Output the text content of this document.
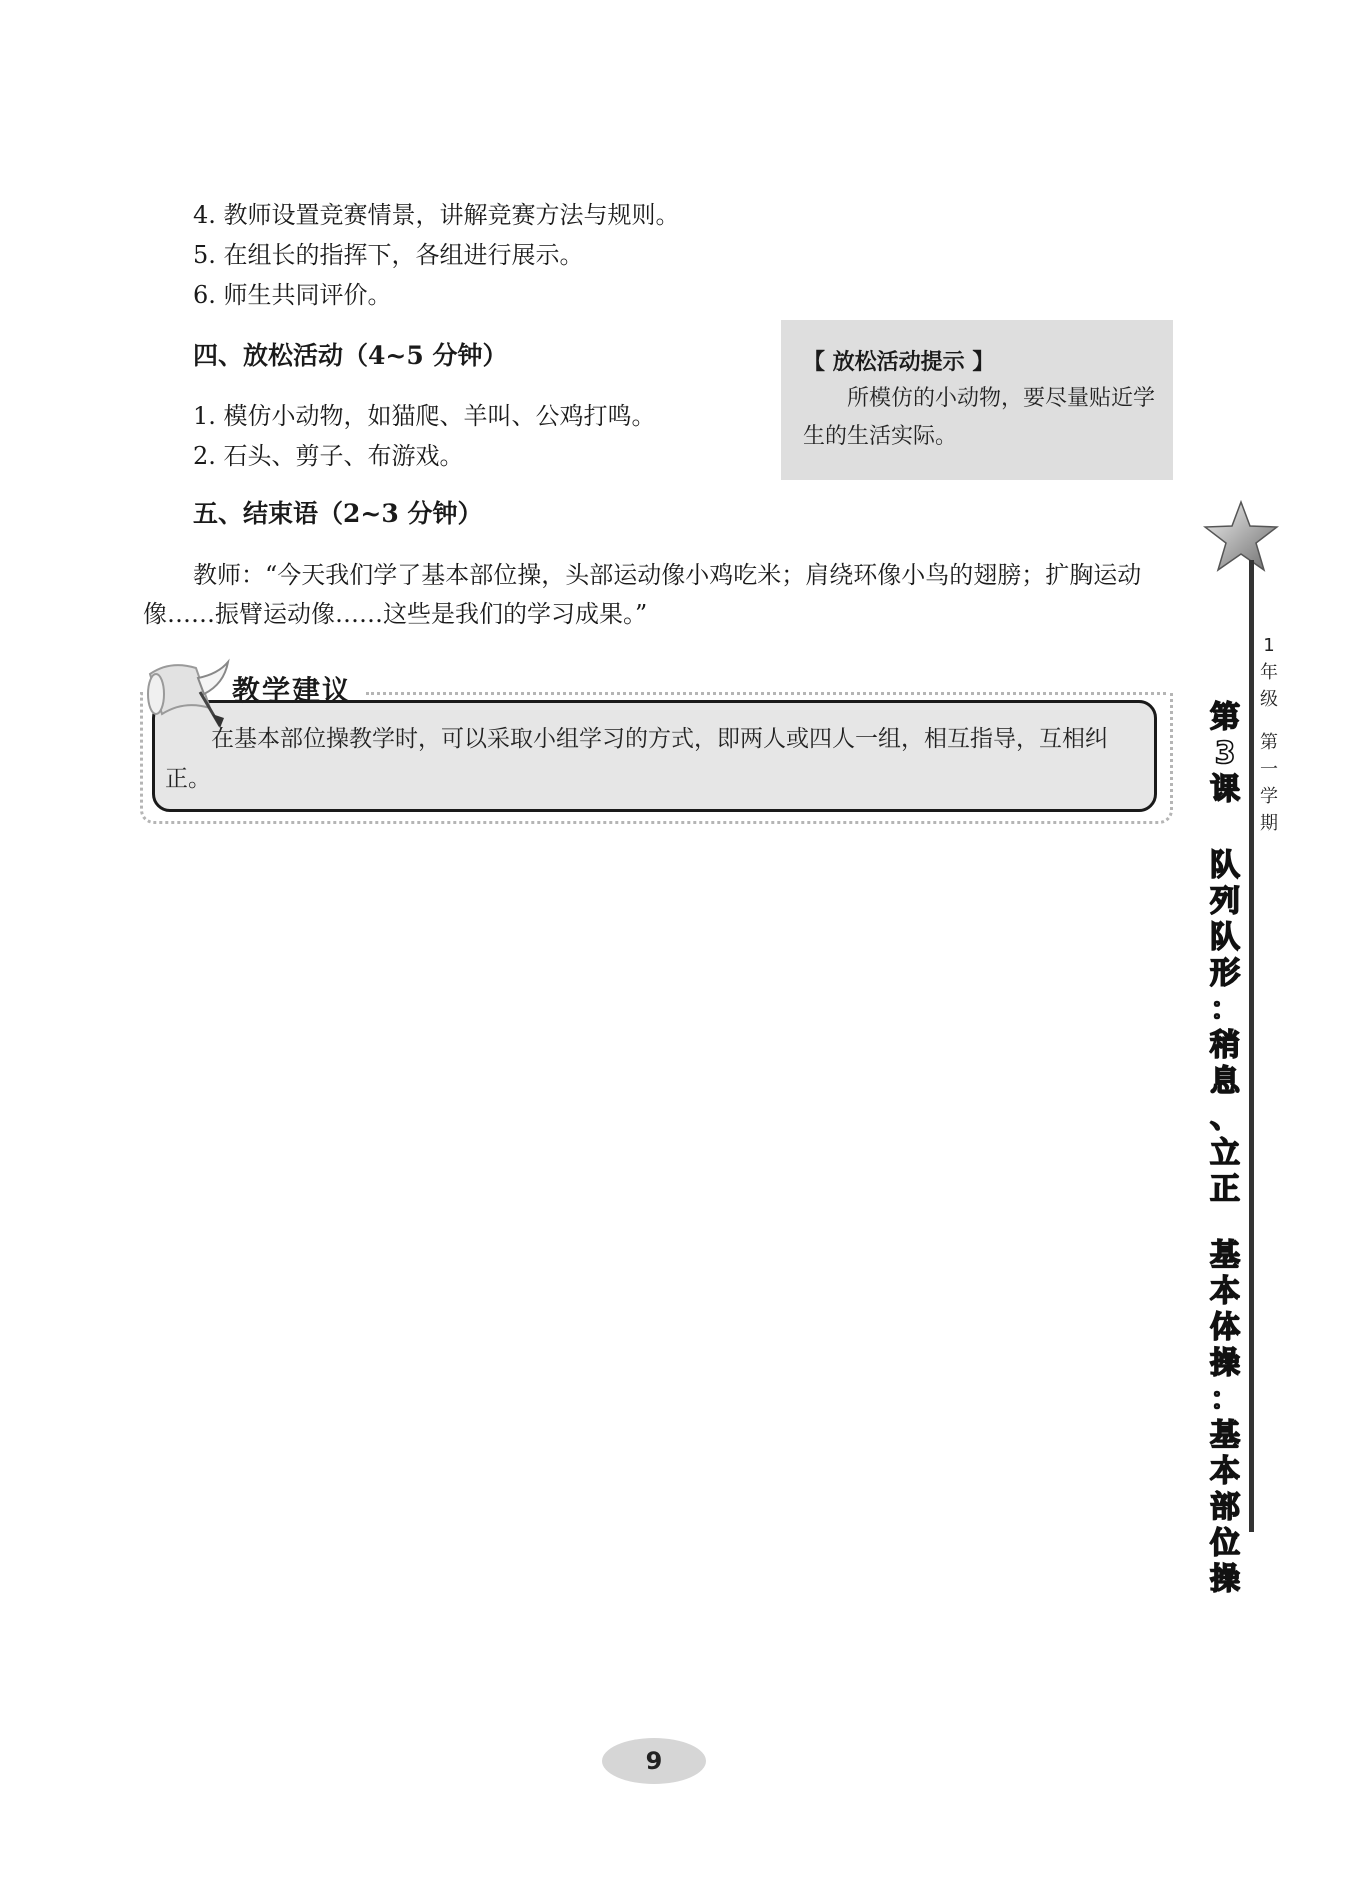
4. 教师设置竞赛情景，讲解竞赛方法与规则。
5. 在组长的指挥下，各组进行展示。
6. 师生共同评价。
四、放松活动（4~5 分钟）
1. 模仿小动物，如猫爬、羊叫、公鸡打鸣。
2. 石头、剪子、布游戏。
【 放松活动提示 】
所模仿的小动物，要尽量贴近学生的生活实际。
五、结束语（2~3 分钟）
教师：“今天我们学了基本部位操，头部运动像小鸡吃米；肩绕环像小鸟的翅膀；扩胸运动像……振臂运动像……这些是我们的学习成果。”
在基本部位操教学时，可以采取小组学习的方式，即两人或四人一组，相互指导，互相纠正。
教学建议
1
年
级
第
一
学
期
第
3
课
队
列
队
形
：
稍
息
、
立
正
基
本
体
操
：
基
本
部
位
操
9
